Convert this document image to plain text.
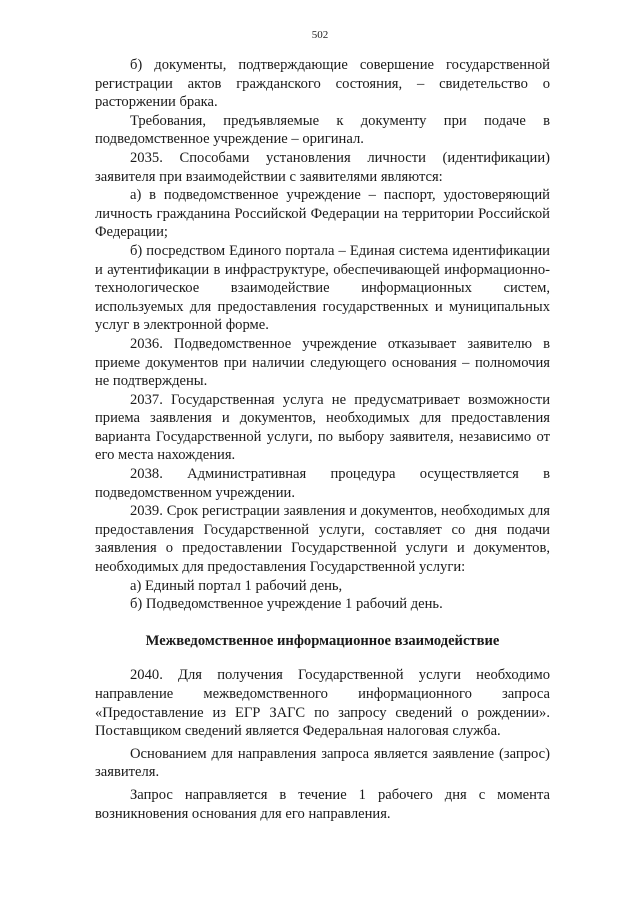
502

б) документы, подтверждающие совершение государственной регистрации актов гражданского состояния, – свидетельство о расторжении брака.

Требования, предъявляемые к документу при подаче в подведомственное учреждение – оригинал.

2035. Способами установления личности (идентификации) заявителя при взаимодействии с заявителями являются:

а) в подведомственное учреждение – паспорт, удостоверяющий личность гражданина Российской Федерации на территории Российской Федерации;

б) посредством Единого портала – Единая система идентификации и аутентификации в инфраструктуре, обеспечивающей информационно-технологическое взаимодействие информационных систем, используемых для предоставления государственных и муниципальных услуг в электронной форме.

2036. Подведомственное учреждение отказывает заявителю в приеме документов при наличии следующего основания – полномочия не подтверждены.

2037. Государственная услуга не предусматривает возможности приема заявления и документов, необходимых для предоставления варианта Государственной услуги, по выбору заявителя, независимо от его места нахождения.

2038. Административная процедура осуществляется в подведомственном учреждении.

2039. Срок регистрации заявления и документов, необходимых для предоставления Государственной услуги, составляет со дня подачи заявления о предоставлении Государственной услуги и документов, необходимых для предоставления Государственной услуги:

а) Единый портал 1 рабочий день,

б) Подведомственное учреждение 1 рабочий день.

Межведомственное информационное взаимодействие

2040. Для получения Государственной услуги необходимо направление межведомственного информационного запроса «Предоставление из ЕГР ЗАГС по запросу сведений о рождении». Поставщиком сведений является Федеральная налоговая служба.

Основанием для направления запроса является заявление (запрос) заявителя.

Запрос направляется в течение 1 рабочего дня с момента возникновения основания для его направления.
